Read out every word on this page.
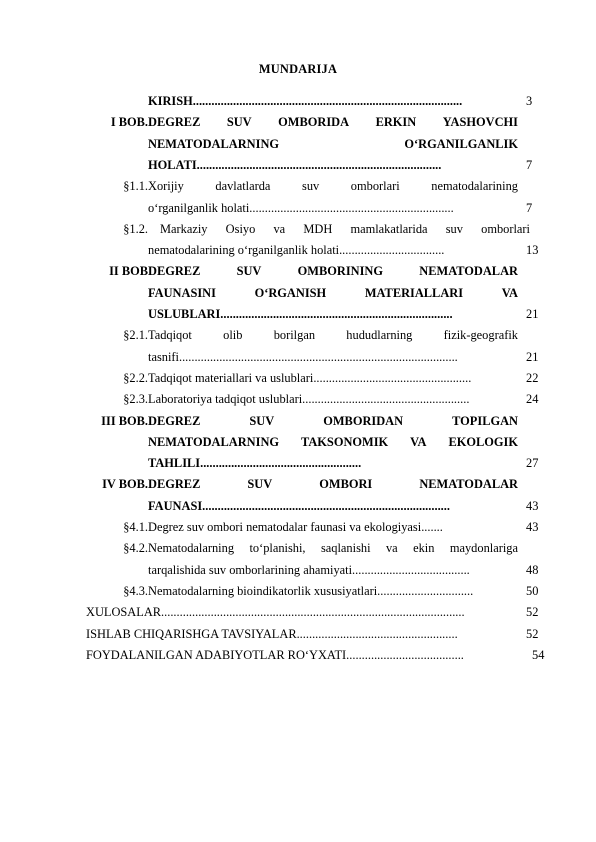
MUNDARIJA
KIRISH.......................................................................................	3
I BOB. DEGREZ SUV OMBORIDA ERKIN YASHOVCHI
NEMATODALARNING	O‘RGANILGANLIK
HOLATI...............................................................................	7
§1.1. Xorijiy	davlatlarda	suv	omborlari	nematodalarining
o‘rganilganlik holati..................................................................	7
§1.2. Markaziy Osiyo va MDH mamlakatlarida suv omborlari
nematodalarining o‘rganilganlik holati..................................	13
II BOB DEGREZ	SUV	OMBORINING	NEMATODALAR
FAUNASINI	O‘RGANISH	MATERIALLARI	VA
USLUBLARI...........................................................................	21
§2.1. Tadqiqot	olib	borilgan	hududlarning	fizik-geografik
tasnifi..........................................................................................	21
§2.2. Tadqiqot materiallari va uslublari...................................................	22
§2.3. Laboratoriya tadqiqot uslublari......................................................	24
III BOB. DEGREZ	SUV	OMBORIDAN	TOPILGAN
NEMATODALARNING TAKSONOMIK VA EKOLOGIK
TAHLILI....................................................	27
IV BOB. DEGREZ	SUV	OMBORI	NEMATODALAR
FAUNASI................................................................................	43
§4.1. Degrez suv ombori nematodalar faunasi va ekologiyasi.......	43
§4.2. Nematodalarning to‘planishi, saqlanishi va ekin maydonlariga
tarqalishida suv omborlarining ahamiyati......................................	48
§4.3. Nematodalarning bioindikatorlik xususiyatlari...............................	50
XULOSALAR..................................................................................................	52
ISHLAB CHIQARISHGA TAVSIYALAR....................................................	52
FOYDALANILGAN ADABIYOTLAR RO‘YXATI......................................	54
